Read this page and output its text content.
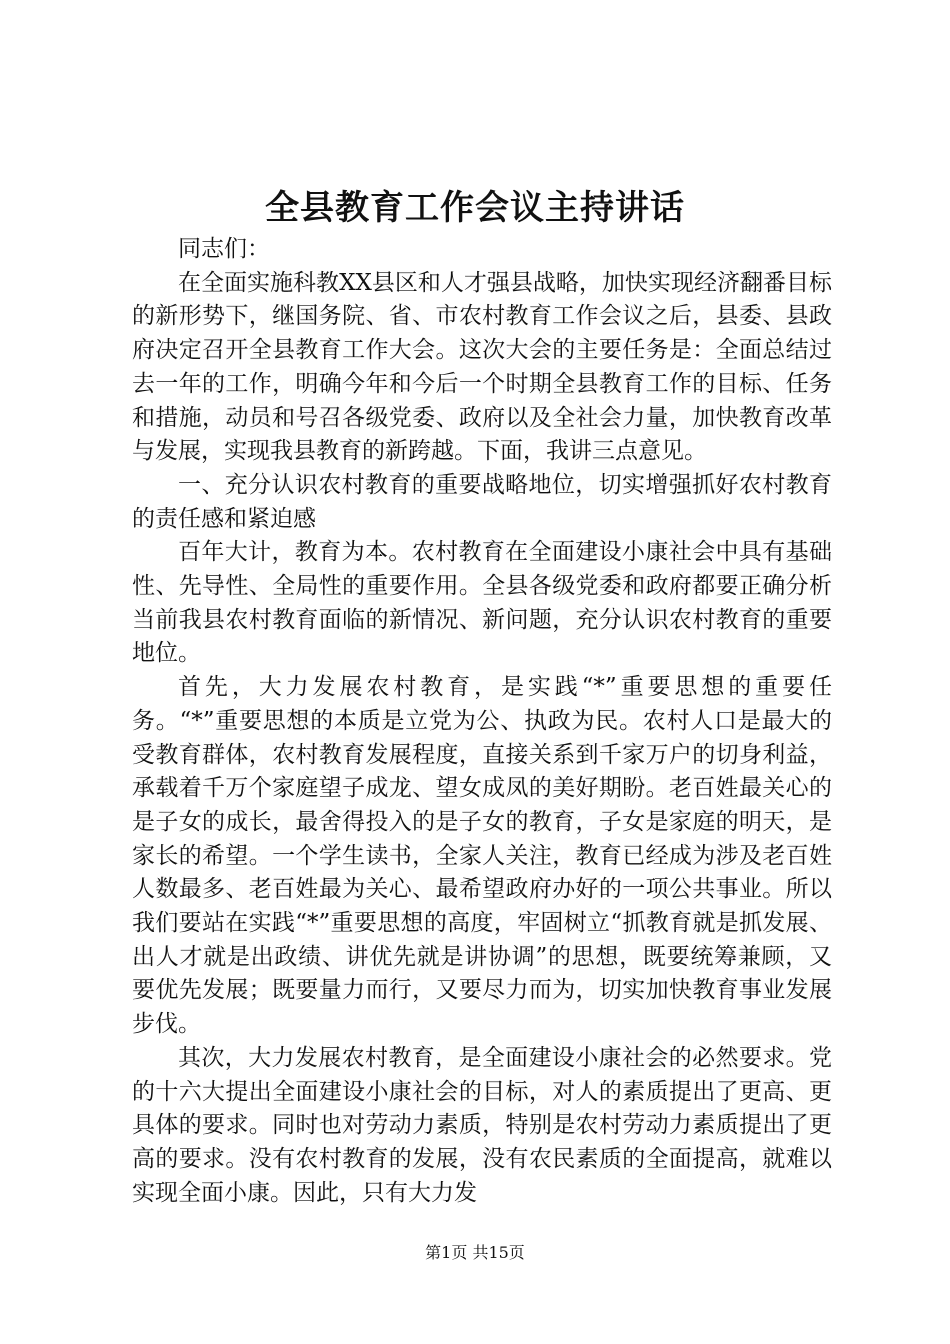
全县教育工作会议主持讲话

同志们：

在全面实施科教XX县区和人才强县战略，加快实现经济翻番目标的新形势下，继国务院、省、市农村教育工作会议之后，县委、县政府决定召开全县教育工作大会。这次大会的主要任务是：全面总结过去一年的工作，明确今年和今后一个时期全县教育工作的目标、任务和措施，动员和号召各级党委、政府以及全社会力量，加快教育改革与发展，实现我县教育的新跨越。下面，我讲三点意见。

一、充分认识农村教育的重要战略地位，切实增强抓好农村教育的责任感和紧迫感

百年大计，教育为本。农村教育在全面建设小康社会中具有基础性、先导性、全局性的重要作用。全县各级党委和政府都要正确分析当前我县农村教育面临的新情况、新问题，充分认识农村教育的重要地位。

首先，大力发展农村教育，是实践“*”重要思想的重要任务。“*”重要思想的本质是立党为公、执政为民。农村人口是最大的受教育群体，农村教育发展程度，直接关系到千家万户的切身利益，承载着千万个家庭望子成龙、望女成凤的美好期盼。老百姓最关心的是子女的成长，最舍得投入的是子女的教育，子女是家庭的明天，是家长的希望。一个学生读书，全家人关注，教育已经成为涉及老百姓人数最多、老百姓最为关心、最希望政府办好的一项公共事业。所以我们要站在实践“*”重要思想的高度，牢固树立“抓教育就是抓发展、出人才就是出政绩、讲优先就是讲协调”的思想，既要统筹兼顾，又要优先发展；既要量力而行，又要尽力而为，切实加快教育事业发展步伐。

其次，大力发展农村教育，是全面建设小康社会的必然要求。党的十六大提出全面建设小康社会的目标，对人的素质提出了更高、更具体的要求。同时也对劳动力素质，特别是农村劳动力素质提出了更高的要求。没有农村教育的发展，没有农民素质的全面提高，就难以实现全面小康。因此，只有大力发

第1页 共15页
